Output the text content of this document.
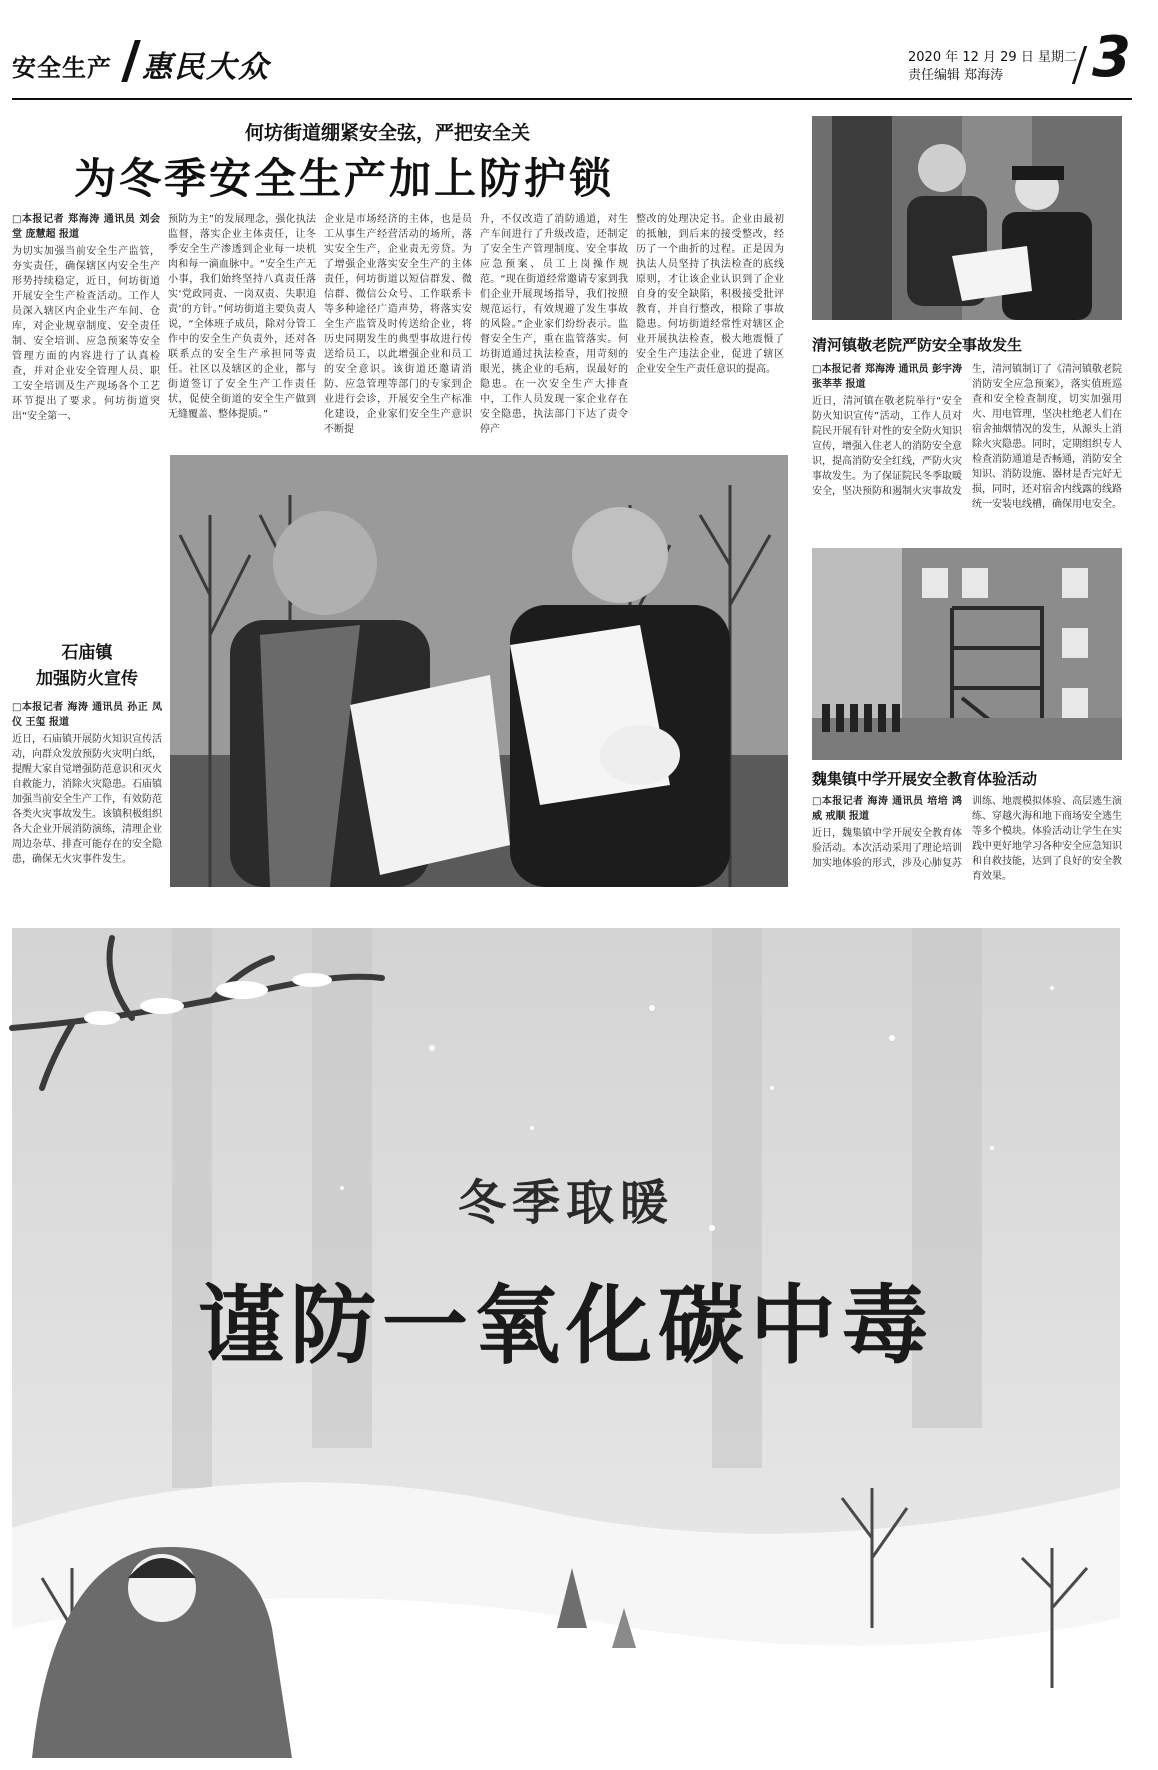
安全生产 惠民大众	2020 年 12 月 29 日 星期二
责任编辑 郑海涛 3
何坊街道绷紧安全弦，严把安全关
为冬季安全生产加上防护锁
□本报记者 郑海涛 通讯员 刘会堂 庞慧超 报道
为切实加强当前安全生产监管，夯实责任，确保辖区内安全生产形势持续稳定，近日，何坊街道开展安全生产检查活动。工作人员深入辖区内企业生产车间、仓库，对企业规章制度、安全责任制、安全培训、应急预案等安全管理方面的内容进行了认真检查，并对企业安全管理人员、职工安全培训及生产现场各个工艺环节提出了要求。何坊街道突出“安全第一、
预防为主”的发展理念，强化执法监督，落实企业主体责任，让冬季安全生产渗透到企业每一块机肉和每一滴血脉中。“安全生产无小事，我们始终坚持八真责任落实‘党政同责、一岗双责、失职追责’的方针。”何坊街道主要负责人说，“全体班子成员，除对分管工作中的安全生产负责外，还对各联系点的安全生产承担同等责任。社区以及辖区的企业，都与街道签订了安全生产工作责任状，促使全街道的安全生产做到无缝覆盖、整体提质。”
企业是市场经济的主体，也是员工从事生产经营活动的场所，落实安全生产，企业责无旁贷。为了增强企业落实安全生产的主体责任，何坊街道以短信群发、微信群、微信公众号、工作联系卡等多种途径广造声势，将落实安全生产监管及时传送给企业，将历史同期发生的典型事故进行传送给员工，以此增强企业和员工的安全意识。该街道还邀请消防、应急管理等部门的专家到企业进行会诊，开展安全生产标准化建设，企业家们安全生产意识不断提
升，不仅改造了消防通道，对生产车间进行了升级改造，还制定了安全生产管理制度、安全事故应急预案、员工上岗操作规范。“现在街道经常邀请专家到我们企业开展现场指导，我们按照规范运行，有效规避了发生事故的风险。”企业家们纷纷表示。监督安全生产，重在监管落实。何坊街道通过执法检查，用苛刻的眼光，挑企业的毛病，误最好的隐患。在一次安全生产大排查中，工作人员发现一家企业存在安全隐患，执法部门下达了责令停产
整改的处理决定书。企业由最初的抵触，到后来的接受整改，经历了一个曲折的过程。正是因为执法人员坚持了执法检查的底线原则，才让该企业认识到了企业自身的安全缺陷，积极接受批评教育，并自行整改，根除了事故隐患。何坊街道经常性对辖区企业开展执法检查，极大地震慑了安全生产违法企业，促进了辖区企业安全生产责任意识的提高。
清河镇敬老院严防安全事故发生
□本报记者 郑海涛 通讯员 彭宇涛 张莘莘 报道
近日，清河镇在敬老院举行“安全防火知识宣传”活动，工作人员对院民开展有针对性的安全防火知识宣传，增强入住老人的消防安全意识，提高消防安全红线，严防火灾事故发生。为了保证院民冬季取暖安全，坚决预防和遏制火灾事故发
生，清河镇制订了《清河镇敬老院消防安全应急预案》，落实值班巡查和安全检查制度，切实加强用火、用电管理，坚决杜绝老人们在宿舍抽烟情况的发生，从源头上消除火灾隐患。同时，定期组织专人检查消防通道是否畅通，消防安全知识、消防设施、器材是否完好无损，同时，还对宿舍内线露的线路统一安装电线槽，确保用电安全。
石庙镇
加强防火宣传
□本报记者 海涛 通讯员 孙正 凤仪 王玺 报道
近日，石庙镇开展防火知识宣传活动，向群众发放预防火灾明白纸，提醒大家自觉增强防范意识和灭火自救能力，消除火灾隐患。石庙镇加强当前安全生产工作，有效防范各类火灾事故发生。该镇积极组织各大企业开展消防演练，清理企业周边杂草、排查可能存在的安全隐患，确保无火灾事件发生。
魏集镇中学开展安全教育体验活动
□本报记者 海涛 通讯员 培培 鸿威 戒顺 报道
近日，魏集镇中学开展安全教育体验活动。本次活动采用了理论培训加实地体验的形式，涉及心肺复苏
训练、地震模拟体验、高层逃生演练、穿越火海和地下商场安全逃生等多个模块。体验活动让学生在实践中更好地学习各种安全应急知识和自救技能，达到了良好的安全教育效果。
冬季取暖
谨防一氧化碳中毒
